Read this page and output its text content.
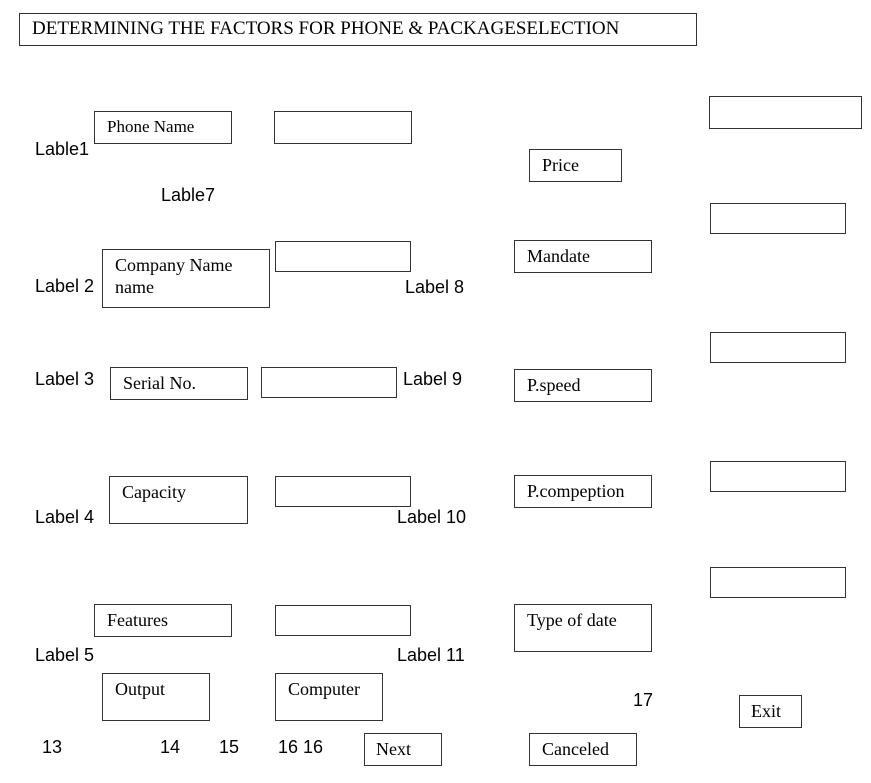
DETERMINING THE FACTORS FOR PHONE & PACKAGESELECTION
Lable1
Label 2
Label 3
Label 4
Label 5
Lable7
Label 8
Label 9
Label 10
Label 11
Phone Name
Company Name name
Serial No.
Capacity
Features
Price
Mandate
P.speed
P.compeption
Type of date
Output	Computer
13	14 15 16 16
17
Next	Canceled
Exit
